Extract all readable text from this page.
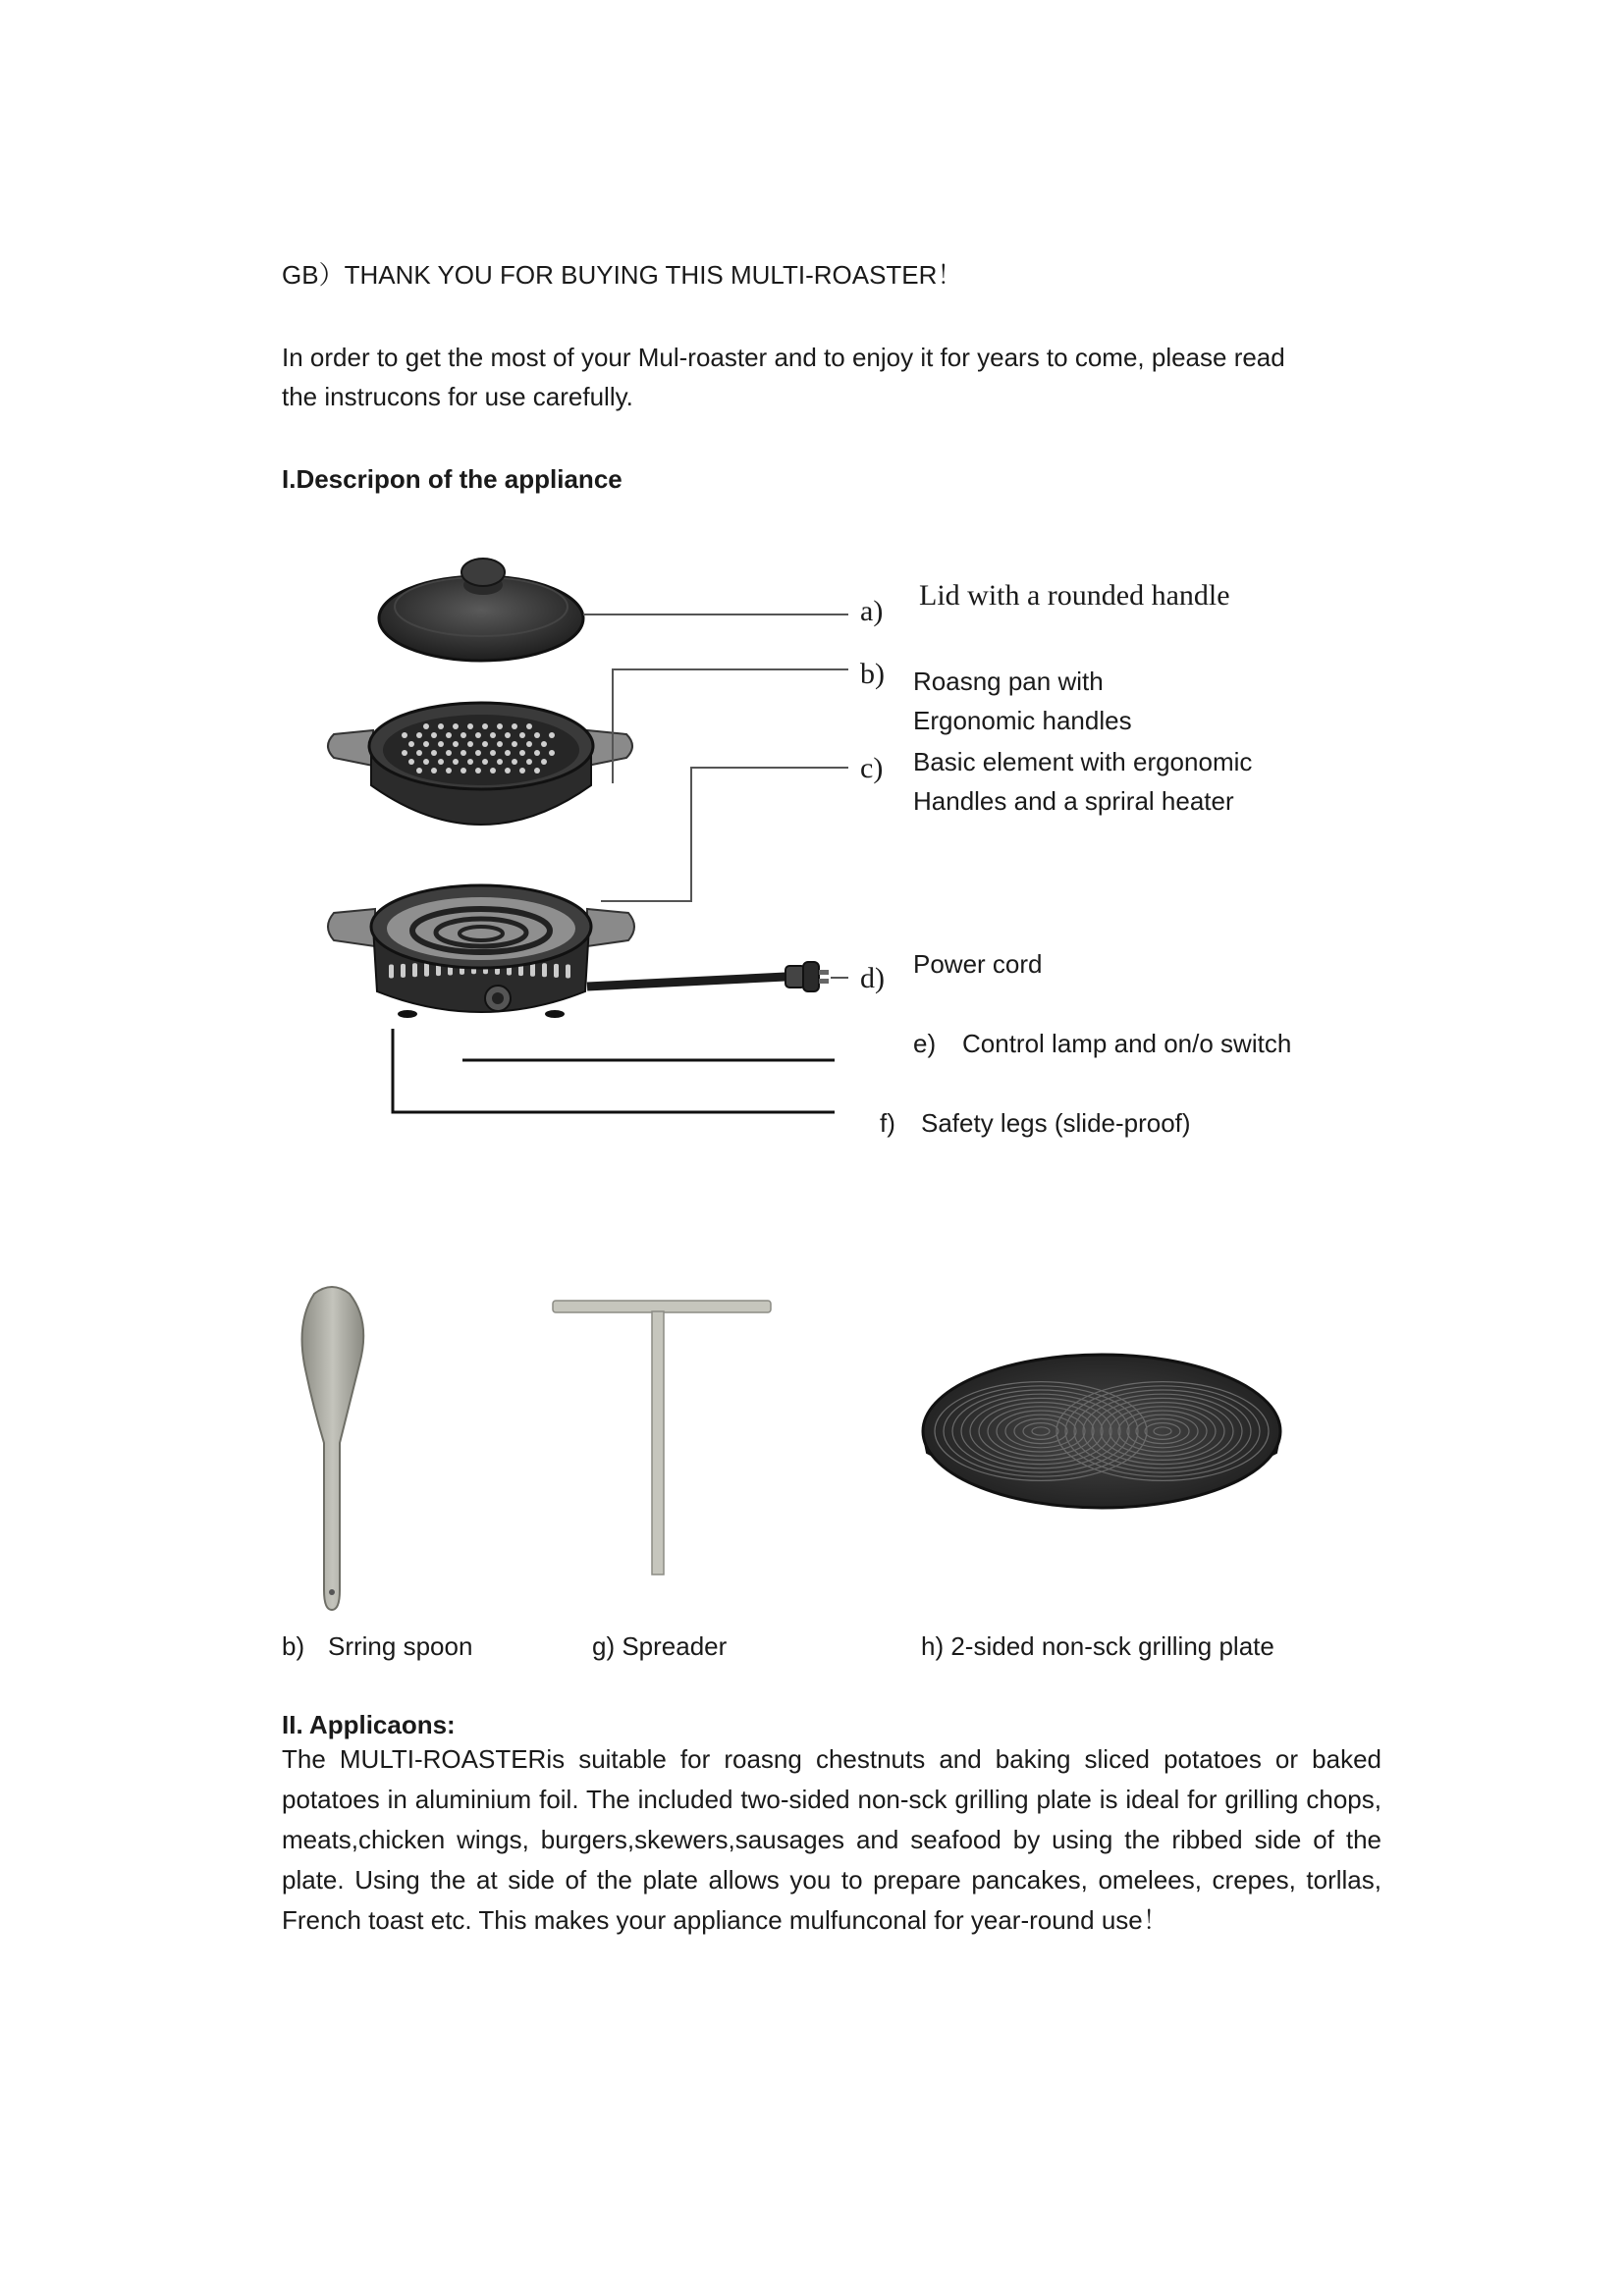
GB）THANK YOU FOR BUYING THIS MULTI-ROASTER！
In order to get the most of your Mul-roaster and to enjoy it for years to come, please read
the instrucons for use carefully.
I.Descripon of the appliance
a) Lid with a rounded handle
b) Roasng pan with
Ergonomic handles
c) Basic element with ergonomic
Handles and a spriral heater
d) Power cord
e) Control lamp and on/o switch
f) Safety legs (slide-proof)
b) Srring spoon	g) Spreader	h) 2-sided non-sck grilling plate
II. Applicaons:
The MULTI-ROASTERis suitable for roasng chestnuts and baking sliced potatoes or baked potatoes in aluminium foil. The included two-sided non-sck grilling plate is ideal for grilling chops, meats,chicken wings, burgers,skewers,sausages and seafood by using the ribbed side of the plate. Using the at side of the plate allows you to prepare pancakes, omelees, crepes, torllas, French toast etc. This makes your appliance mulfunconal for year-round use！
